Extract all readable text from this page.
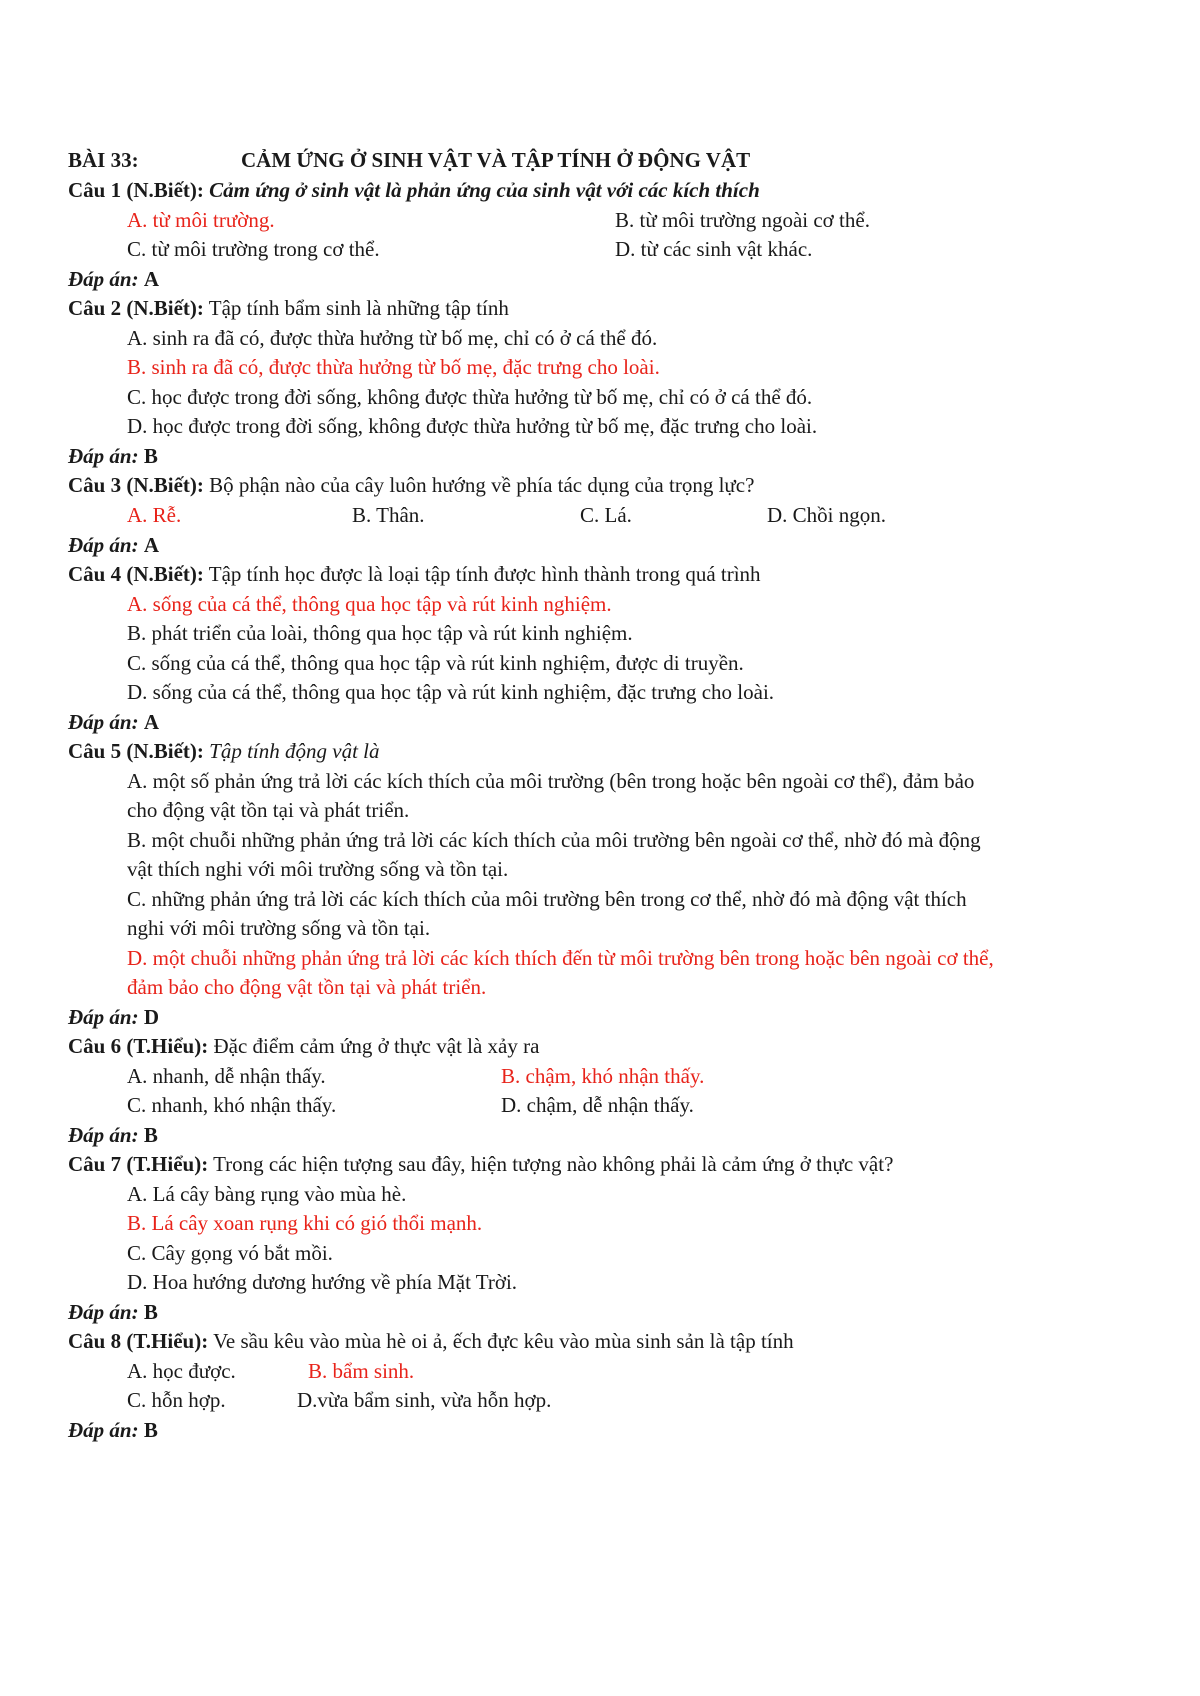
BÀI 33:	CẢM ỨNG Ở SINH VẬT VÀ TẬP TÍNH Ở ĐỘNG VẬT
Câu 1 (N.Biết): Cảm ứng ở sinh vật là phản ứng của sinh vật với các kích thích
A. từ môi trường.	B. từ môi trường ngoài cơ thể.
C. từ môi trường trong cơ thể.	D. từ các sinh vật khác.
Đáp án: A
Câu 2 (N.Biết): Tập tính bẩm sinh là những tập tính
A. sinh ra đã có, được thừa hưởng từ bố mẹ, chỉ có ở cá thể đó.
B. sinh ra đã có, được thừa hưởng từ bố mẹ, đặc trưng cho loài.
C. học được trong đời sống, không được thừa hưởng từ bố mẹ, chỉ có ở cá thể đó.
D. học được trong đời sống, không được thừa hưởng từ bố mẹ, đặc trưng cho loài.
Đáp án: B
Câu 3 (N.Biết): Bộ phận nào của cây luôn hướng về phía tác dụng của trọng lực?
A. Rễ.	B. Thân.	C. Lá.	D. Chồi ngọn.
Đáp án: A
Câu 4 (N.Biết): Tập tính học được là loại tập tính được hình thành trong quá trình
A. sống của cá thể, thông qua học tập và rút kinh nghiệm.
B. phát triển của loài, thông qua học tập và rút kinh nghiệm.
C. sống của cá thể, thông qua học tập và rút kinh nghiệm, được di truyền.
D. sống của cá thể, thông qua học tập và rút kinh nghiệm, đặc trưng cho loài.
Đáp án: A
Câu 5 (N.Biết): Tập tính động vật là
A. một số phản ứng trả lời các kích thích của môi trường (bên trong hoặc bên ngoài cơ thể), đảm bảo
cho động vật tồn tại và phát triển.
B. một chuỗi những phản ứng trả lời các kích thích của môi trường bên ngoài cơ thể, nhờ đó mà động
vật thích nghi với môi trường sống và tồn tại.
C. những phản ứng trả lời các kích thích của môi trường bên trong cơ thể, nhờ đó mà động vật thích
nghi với môi trường sống và tồn tại.
D. một chuỗi những phản ứng trả lời các kích thích đến từ môi trường bên trong hoặc bên ngoài cơ thể,
đảm bảo cho động vật tồn tại và phát triển.
Đáp án: D
Câu 6 (T.Hiểu): Đặc điểm cảm ứng ở thực vật là xảy ra
A. nhanh, dễ nhận thấy.	B. chậm, khó nhận thấy.
C. nhanh, khó nhận thấy.	D. chậm, dễ nhận thấy.
Đáp án: B
Câu 7 (T.Hiểu): Trong các hiện tượng sau đây, hiện tượng nào không phải là cảm ứng ở thực vật?
A. Lá cây bàng rụng vào mùa hè.
B. Lá cây xoan rụng khi có gió thổi mạnh.
C. Cây gọng vó bắt mồi.
D. Hoa hướng dương hướng về phía Mặt Trời.
Đáp án: B
Câu 8 (T.Hiểu): Ve sầu kêu vào mùa hè oi ả, ếch đực kêu vào mùa sinh sản là tập tính
A. học được.	B. bẩm sinh.
C. hỗn hợp.	D.vừa bẩm sinh, vừa hỗn hợp.
Đáp án: B
